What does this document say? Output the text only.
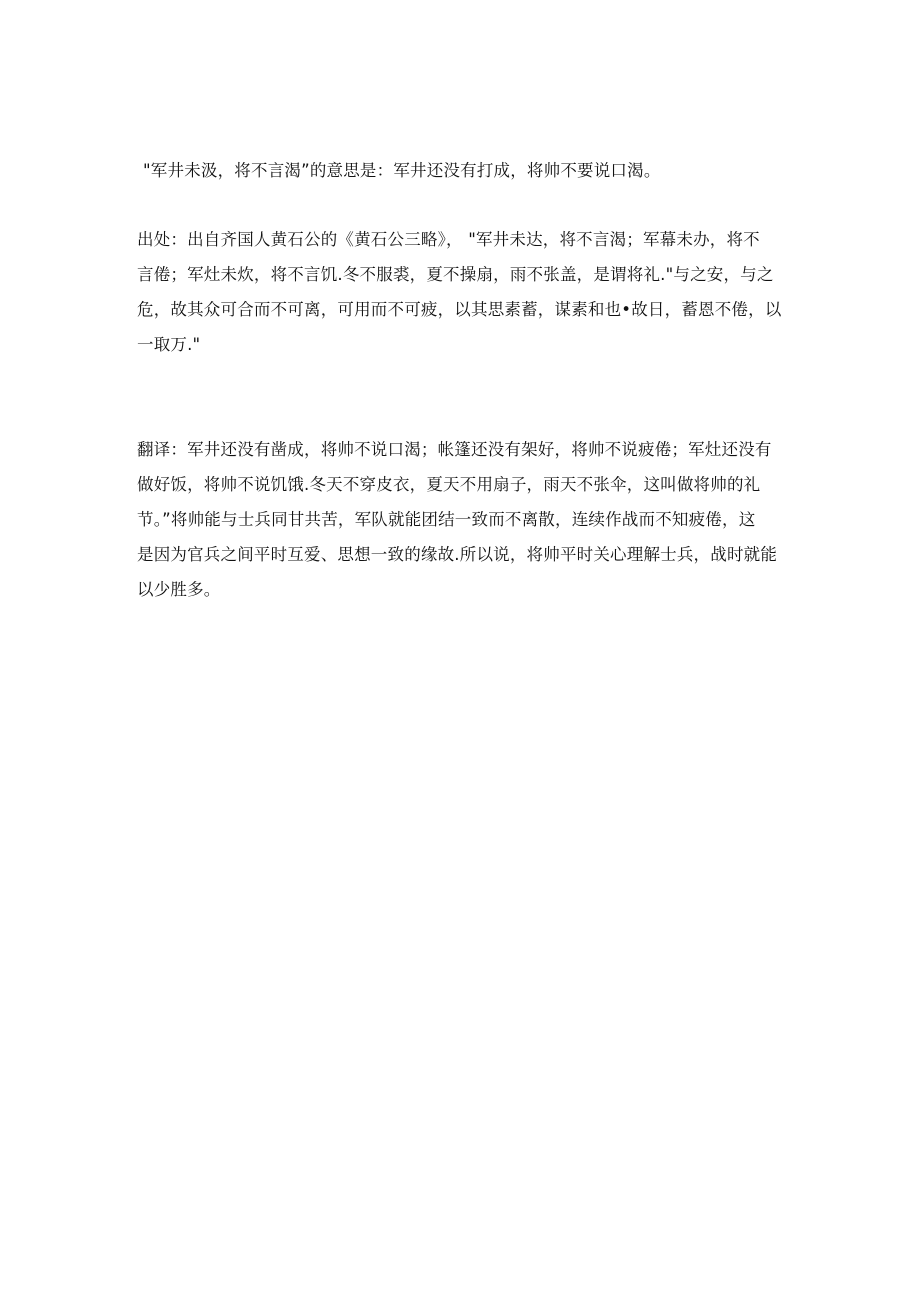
"军井未汲，将不言渴”的意思是：军井还没有打成，将帅不要说口渴。

出处：出自齐国人黄石公的《黄石公三略》， "军井未达，将不言渴；军幕未办，将不
言倦；军灶未炊，将不言饥.冬不服裘，夏不操扇，雨不张盖，是谓将礼."与之安，与之
危，故其众可合而不可离，可用而不可疲，以其思素蓄，谋素和也•故日，蓄恩不倦，以
一取万."

翻译：军井还没有凿成，将帅不说口渴；帐篷还没有架好，将帅不说疲倦；军灶还没有
做好饭，将帅不说饥饿.冬天不穿皮衣，夏天不用扇子，雨天不张伞，这叫做将帅的礼
节。”将帅能与士兵同甘共苦，军队就能团结一致而不离散，连续作战而不知疲倦，这
是因为官兵之间平时互爱、思想一致的缘故.所以说，将帅平时关心理解士兵，战时就能
以少胜多。
